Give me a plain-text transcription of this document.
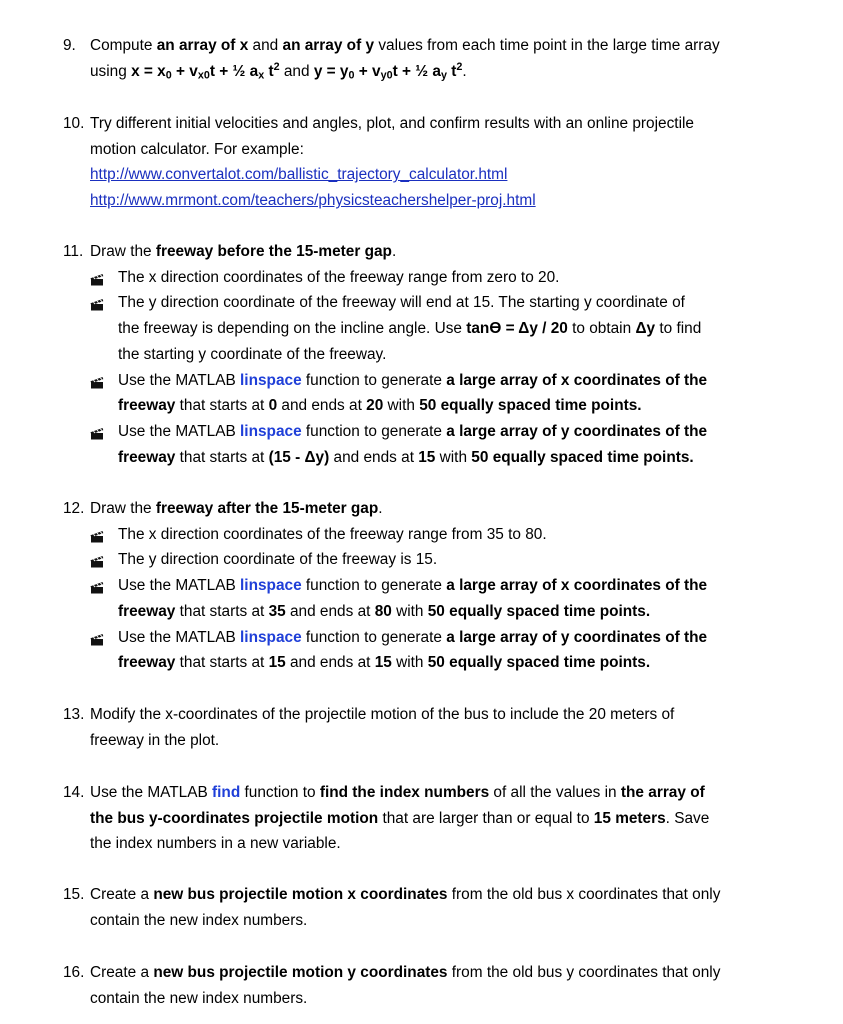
9. Compute an array of x and an array of y values from each time point in the large time array
using $x = x_0 + v_{x0}t$ + ½ $a_x$ $t^2$ and $y = y_0 + v_{y0}t$ + ½ $a_y$ $t^2$.
10. Try different initial velocities and angles, plot, and confirm results with an online projectile
motion calculator. For example:
http://www.convertalot.com/ballistic_trajectory_calculator.html
http://www.mrmont.com/teachers/physicsteachershelper-proj.html
11. Draw the freeway before the 15-meter gap.
The x direction coordinates of the freeway range from zero to 20.
The y direction coordinate of the freeway will end at 15. The starting y coordinate of
the freeway is depending on the incline angle. Use tanϴ = Δy / 20 to obtain Δy to find
the starting y coordinate of the freeway.
Use the MATLAB linspace function to generate a large array of x coordinates of the
freeway that starts at 0 and ends at 20 with 50 equally spaced time points.
Use the MATLAB linspace function to generate a large array of y coordinates of the
freeway that starts at (15 - Δy) and ends at 15 with 50 equally spaced time points.
12. Draw the freeway after the 15-meter gap.
The x direction coordinates of the freeway range from 35 to 80.
The y direction coordinate of the freeway is 15.
Use the MATLAB linspace function to generate a large array of x coordinates of the
freeway that starts at 35 and ends at 80 with 50 equally spaced time points.
Use the MATLAB linspace function to generate a large array of y coordinates of the
freeway that starts at 15 and ends at 15 with 50 equally spaced time points.
13. Modify the x-coordinates of the projectile motion of the bus to include the 20 meters of
freeway in the plot.
14. Use the MATLAB find function to find the index numbers of all the values in the array of
the bus y-coordinates projectile motion that are larger than or equal to 15 meters. Save
the index numbers in a new variable.
15. Create a new bus projectile motion x coordinates from the old bus x coordinates that only
contain the new index numbers.
16. Create a new bus projectile motion y coordinates from the old bus y coordinates that only
contain the new index numbers.
